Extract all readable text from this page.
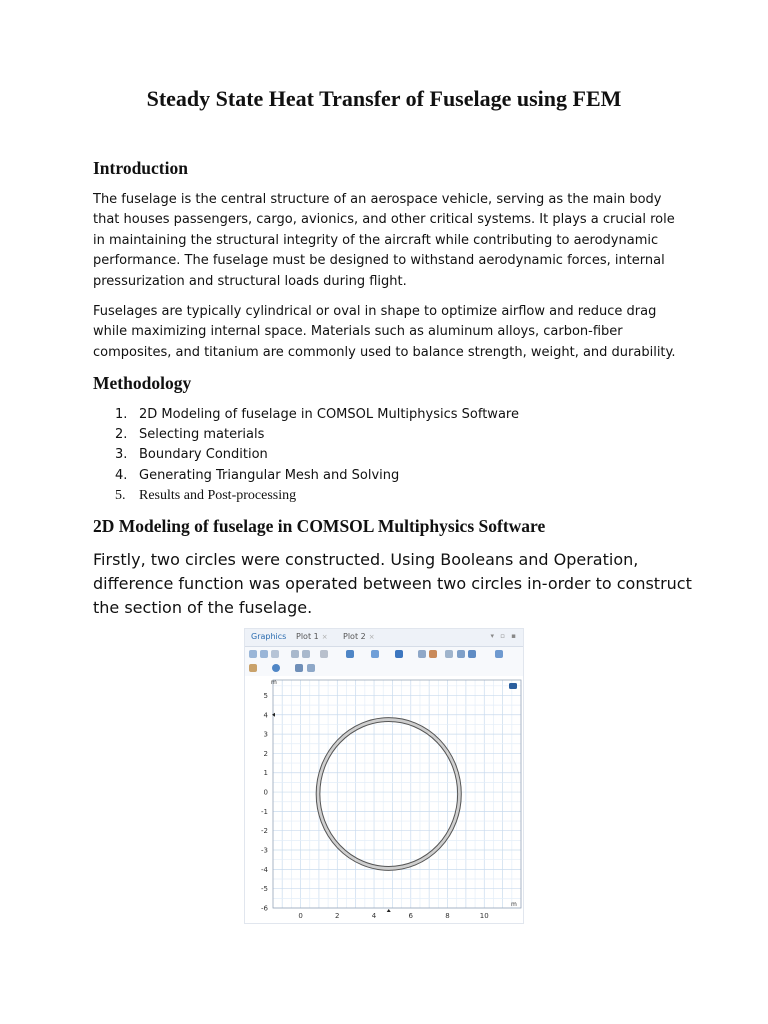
Steady State Heat Transfer of Fuselage using FEM
Introduction

The fuselage is the central structure of an aerospace vehicle, serving as the main body that houses passengers, cargo, avionics, and other critical systems. It plays a crucial role in maintaining the structural integrity of the aircraft while contributing to aerodynamic performance. The fuselage must be designed to withstand aerodynamic forces, internal pressurization and structural loads during flight.

Fuselages are typically cylindrical or oval in shape to optimize airflow and reduce drag while maximizing internal space. Materials such as aluminum alloys, carbon-fiber composites, and titanium are commonly used to balance strength, weight, and durability.

Methodology
1. 2D Modeling of fuselage in COMSOL Multiphysics Software
2. Selecting materials
3. Boundary Condition
4. Generating Triangular Mesh and Solving
5. Results and Post-processing
2D Modeling of fuselage in COMSOL Multiphysics Software

Firstly, two circles were constructed. Using Booleans and Operation, difference function was operated between two circles in-order to construct the section of the fuselage.

Graphics Plot 1 × Plot 2 ×	▾ ▫ ▪
0	2	4	6	8	10
5
4
3
2
1
0
-1
-2
-3
-4
-5
-6
m
m
